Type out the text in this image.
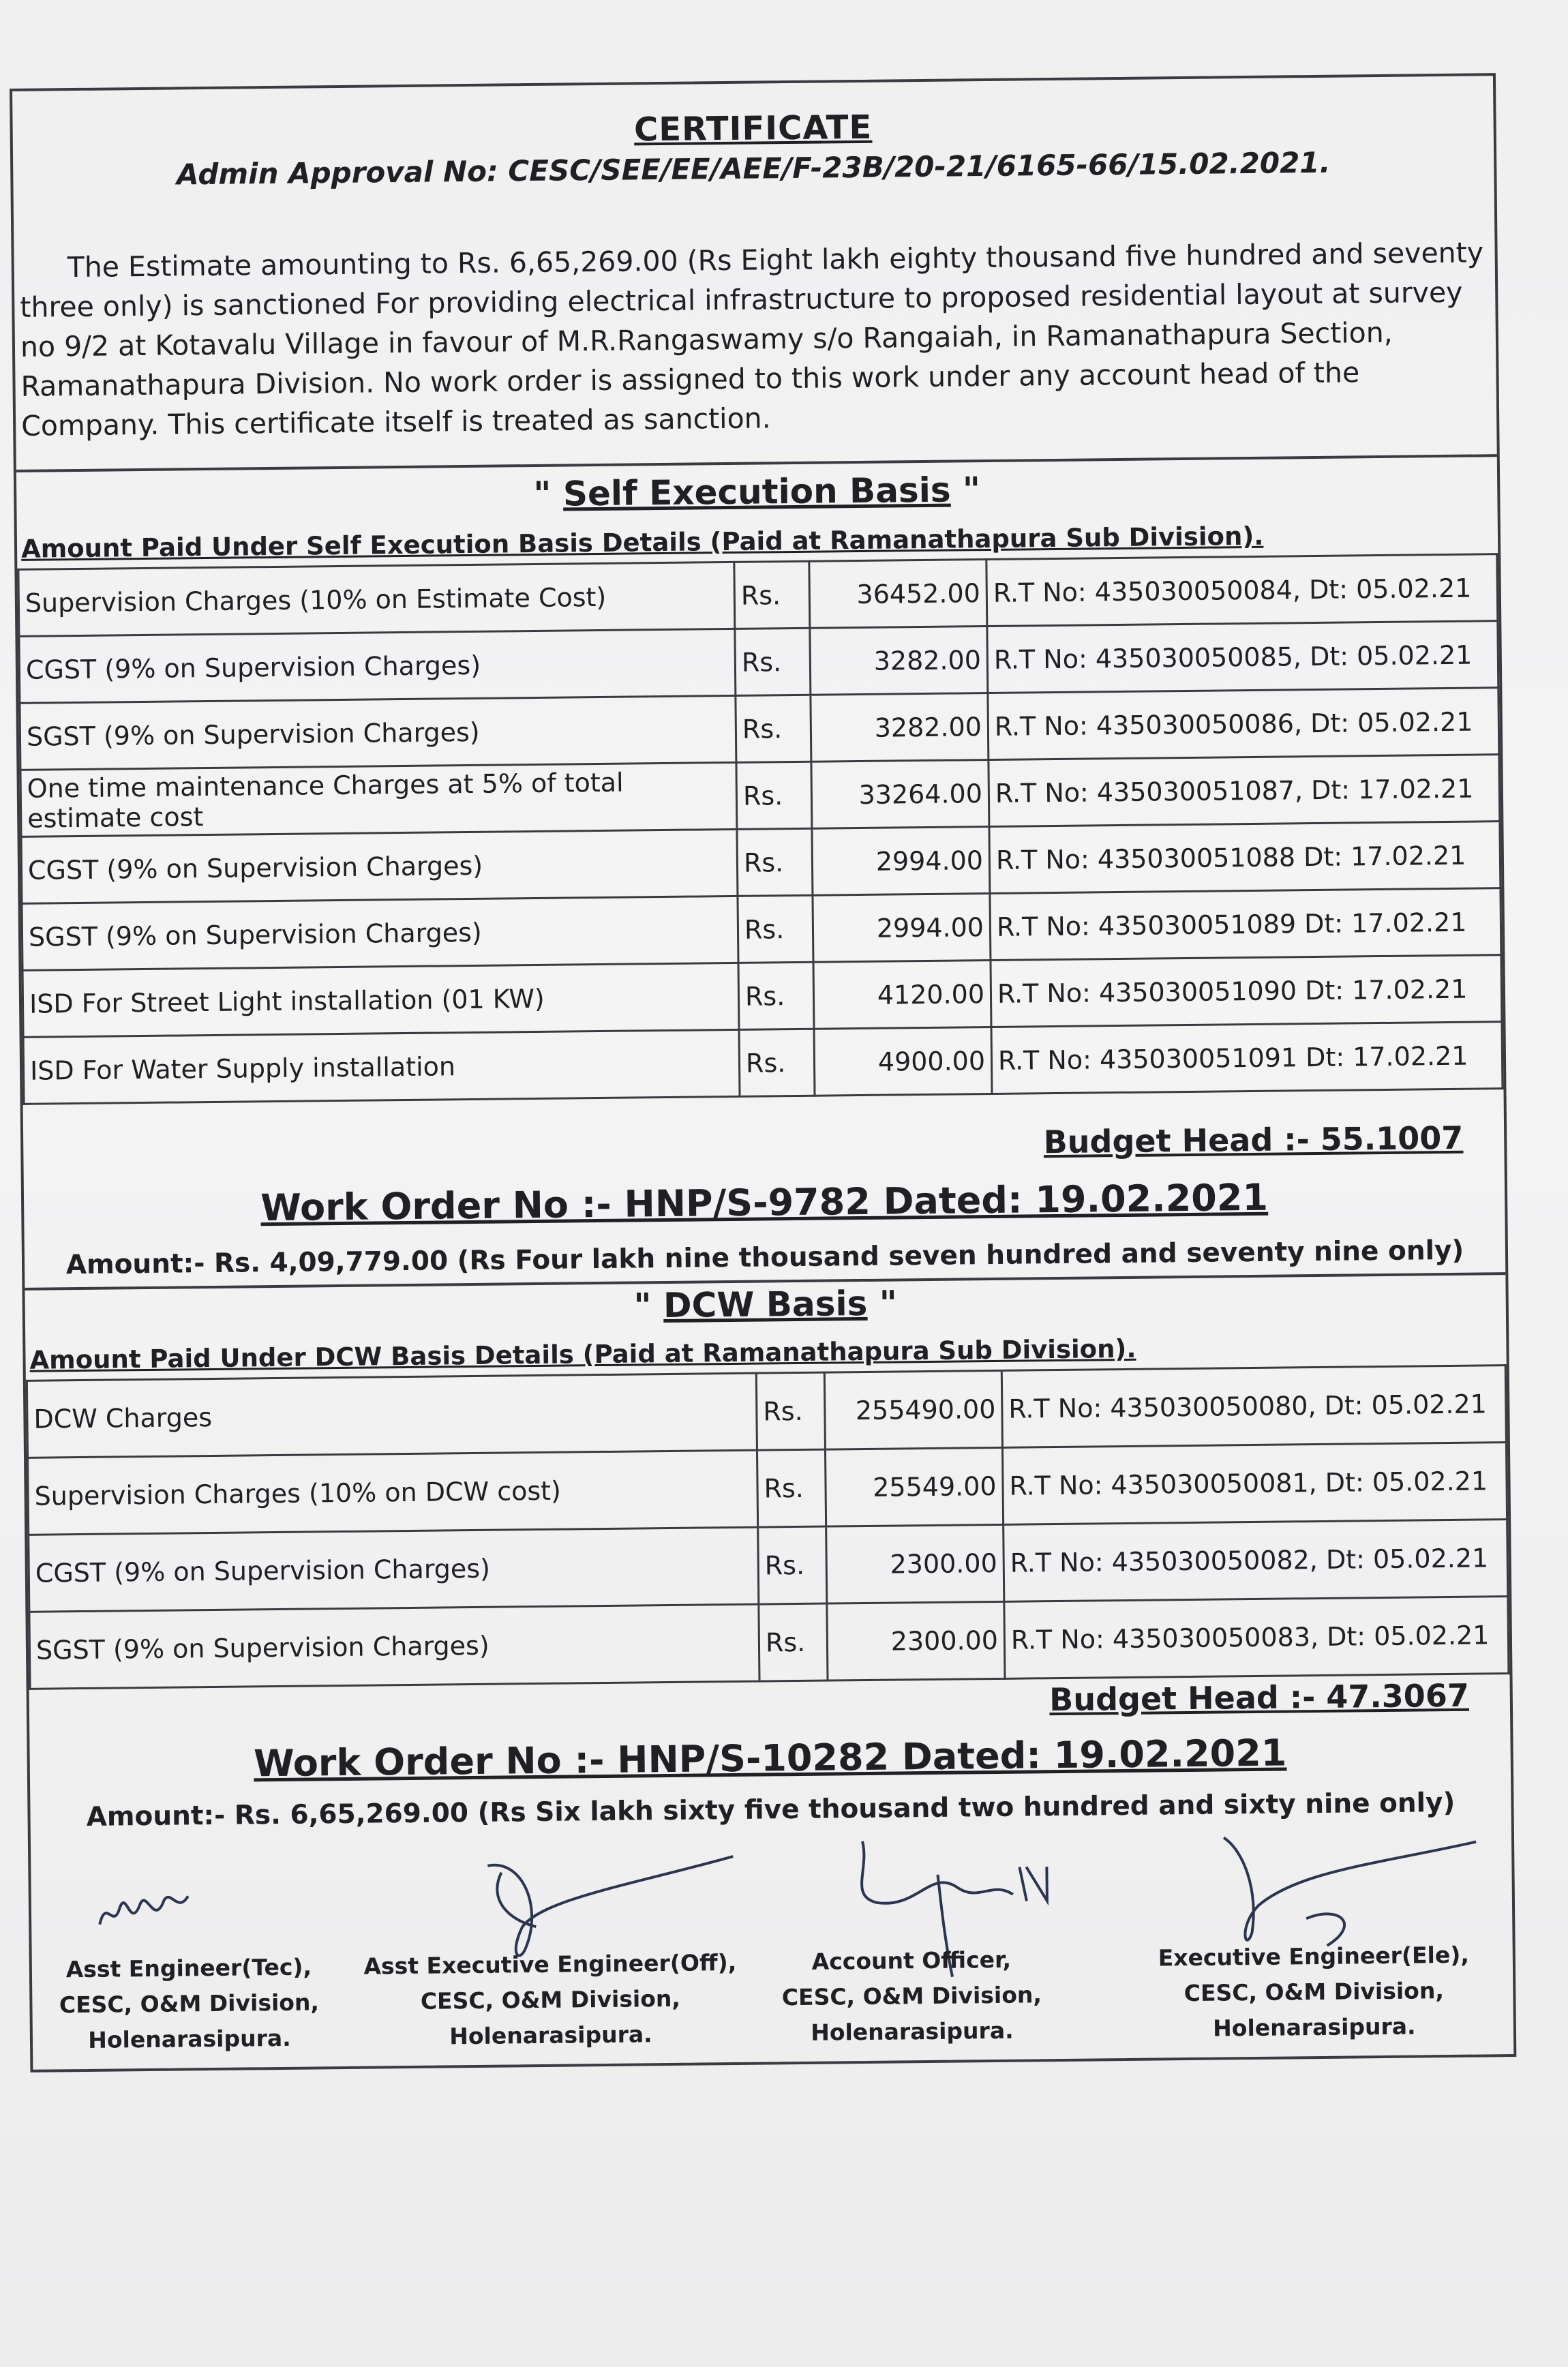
CERTIFICATE
Admin Approval No: CESC/SEE/EE/AEE/F-23B/20-21/6165-66/15.02.2021.
The Estimate amounting to Rs. 6,65,269.00 (Rs Eight lakh eighty thousand five hundred and seventy three only) is sanctioned For providing electrical infrastructure to proposed residential layout at survey no 9/2 at Kotavalu Village in favour of M.R.Rangaswamy s/o Rangaiah, in Ramanathapura Section, Ramanathapura Division. No work order is assigned to this work under any account head of the Company. This certificate itself is treated as sanction.
" Self Execution Basis "
Amount Paid Under Self Execution Basis Details (Paid at Ramanathapura Sub Division).
Supervision Charges (10% on Estimate Cost)	Rs.	36452.00	R.T No: 435030050084, Dt: 05.02.21
CGST (9% on Supervision Charges)	Rs.	3282.00	R.T No: 435030050085, Dt: 05.02.21
SGST (9% on Supervision Charges)	Rs.	3282.00	R.T No: 435030050086, Dt: 05.02.21
One time maintenance Charges at 5% of total estimate cost	Rs.	33264.00	R.T No: 435030051087, Dt: 17.02.21
CGST (9% on Supervision Charges)	Rs.	2994.00	R.T No: 435030051088 Dt: 17.02.21
SGST (9% on Supervision Charges)	Rs.	2994.00	R.T No: 435030051089 Dt: 17.02.21
ISD For Street Light installation (01 KW)	Rs.	4120.00	R.T No: 435030051090 Dt: 17.02.21
ISD For Water Supply installation	Rs.	4900.00	R.T No: 435030051091 Dt: 17.02.21
Budget Head :- 55.1007
Work Order No :- HNP/S-9782 Dated: 19.02.2021
Amount:- Rs. 4,09,779.00 (Rs Four lakh nine thousand seven hundred and seventy nine only)
" DCW Basis "
Amount Paid Under DCW Basis Details (Paid at Ramanathapura Sub Division).
DCW Charges	Rs.	255490.00	R.T No: 435030050080, Dt: 05.02.21
Supervision Charges (10% on DCW cost)	Rs.	25549.00	R.T No: 435030050081, Dt: 05.02.21
CGST (9% on Supervision Charges)	Rs.	2300.00	R.T No: 435030050082, Dt: 05.02.21
SGST (9% on Supervision Charges)	Rs.	2300.00	R.T No: 435030050083, Dt: 05.02.21
Budget Head :- 47.3067
Work Order No :- HNP/S-10282 Dated: 19.02.2021
Amount:- Rs. 6,65,269.00 (Rs Six lakh sixty five thousand two hundred and sixty nine only)
Asst Engineer(Tec),
CESC, O&M Division,
Holenarasipura.
Asst Executive Engineer(Off),
CESC, O&M Division,
Holenarasipura.
Account Officer,
CESC, O&M Division,
Holenarasipura.
Executive Engineer(Ele),
CESC, O&M Division,
Holenarasipura.
